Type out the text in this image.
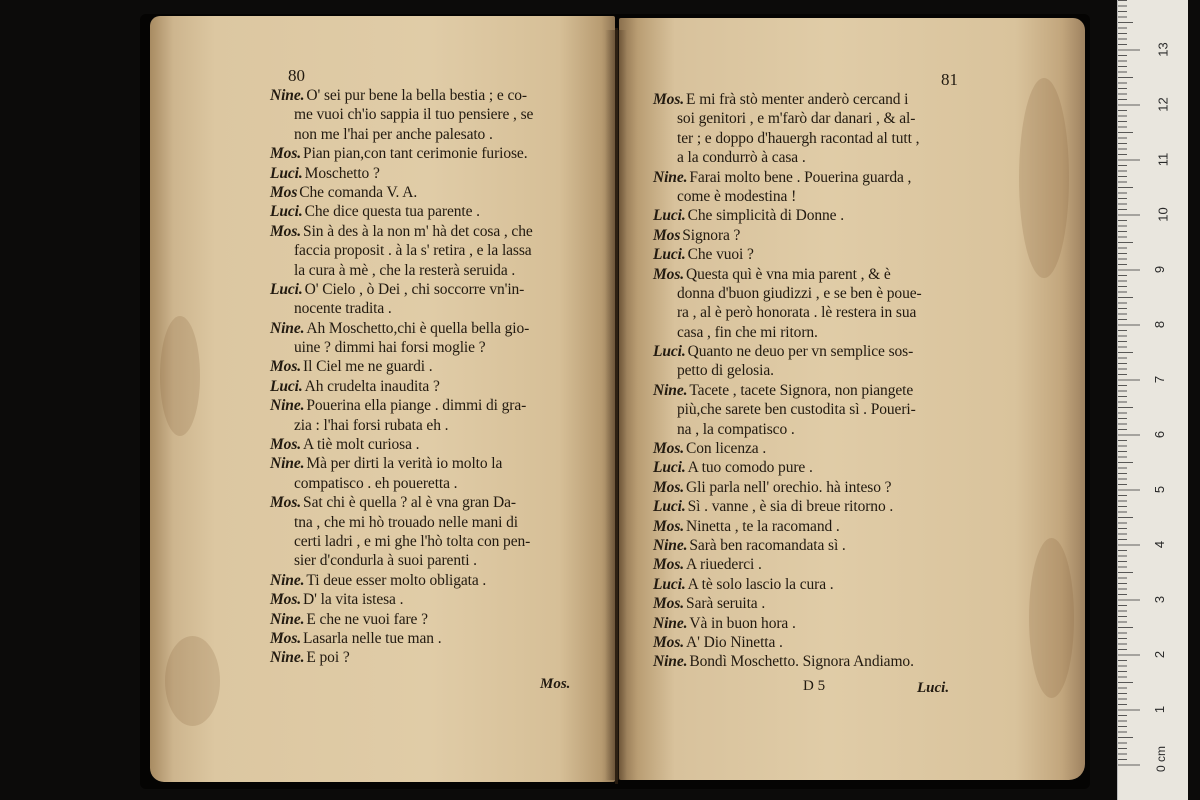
80
Nine. O' sei pur bene la bella bestia ; e co-
me vuoi ch'io sappia il tuo pensiere , se
non me l'hai per anche palesato .
Mos. Pian pian,con tant cerimonie furiose.
Luci. Moschetto ?
Mos Che comanda V. A.
Luci. Che dice questa tua parente .
Mos. Sin à des à la non m' hà det cosa , che
faccia proposit . à la s' retira , e la lassa
la cura à mè , che la resterà seruida .
Luci. O' Cielo , ò Dei , chi soccorre vn'in-
nocente tradita .
Nine. Ah Moschetto,chi è quella bella gio-
uine ? dimmi hai forsi moglie ?
Mos. Il Ciel me ne guardi .
Luci. Ah crudelta inaudita ?
Nine. Pouerina ella piange . dimmi di gra-
zia : l'hai forsi rubata eh .
Mos. A tiè molt curiosa .
Nine. Mà per dirti la verità io molto la
compatisco . eh poueretta .
Mos. Sat chi è quella ? al è vna gran Da-
tna , che mi hò trouado nelle mani di
certi ladri , e mi ghe l'hò tolta con pen-
sier d'condurla à suoi parenti .
Nine. Ti deue esser molto obligata .
Mos. D' la vita istesa .
Nine. E che ne vuoi fare ?
Mos. Lasarla nelle tue man .
Nine. E poi ?
Mos.
81
Mos. E mi frà stò menter anderò cercand i
soi genitori , e m'farò dar danari , & al-
ter ; e doppo d'hauergh racontad al tutt ,
a la condurrò à casa .
Nine. Farai molto bene . Pouerina guarda ,
come è modestina !
Luci. Che simplicità di Donne .
Mos Signora ?
Luci. Che vuoi ?
Mos. Questa quì è vna mia parent , & è
donna d'buon giudizzi , e se ben è poue-
ra , al è però honorata . lè restera in sua
casa , fin che mi ritorn.
Luci. Quanto ne deuo per vn semplice sos-
petto di gelosia.
Nine. Tacete , tacete Signora, non piangete
più,che sarete ben custodita sì . Poueri-
na , la compatisco .
Mos. Con licenza .
Luci. A tuo comodo pure .
Mos. Gli parla nell' orechio. hà inteso ?
Luci. Sì . vanne , è sia di breue ritorno .
Mos. Ninetta , te la racomand .
Nine. Sarà ben racomandata sì .
Mos. A riuederci .
Luci. A tè solo lascio la cura .
Mos. Sarà seruita .
Nine. Và in buon hora .
Mos. A' Dio Ninetta .
Nine. Bondì Moschetto. Signora Andiamo.
D 5	Luci.
1
2
3
4
5
6
7
8
9
10
11
12
13
0 cm
